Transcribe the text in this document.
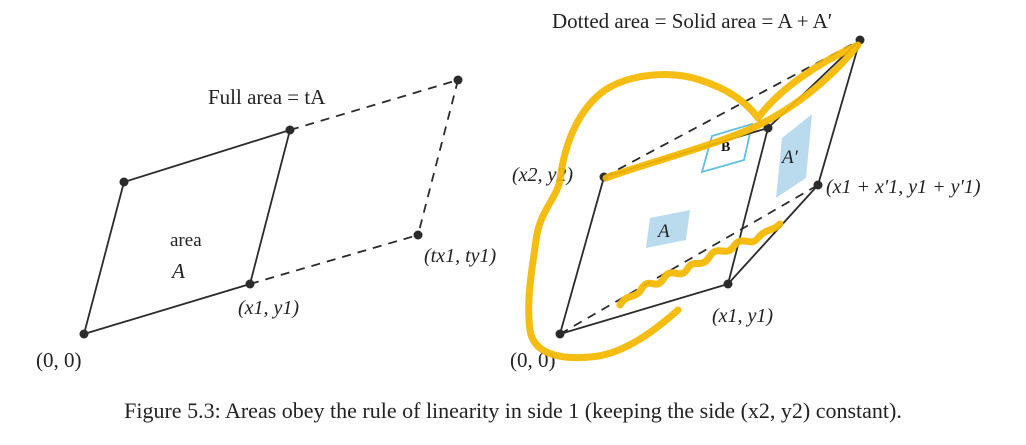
Full area = tA
area
A
(0, 0)
(x1, y1)
(tx1, ty1)
Dotted area = Solid area = A + A′
A
A′
B
(x2, y2)
(x1 + x′1, y1 + y′1)
(x1, y1)
(0, 0)
Figure 5.3: Areas obey the rule of linearity in side 1 (keeping the side (x2, y2) constant).
